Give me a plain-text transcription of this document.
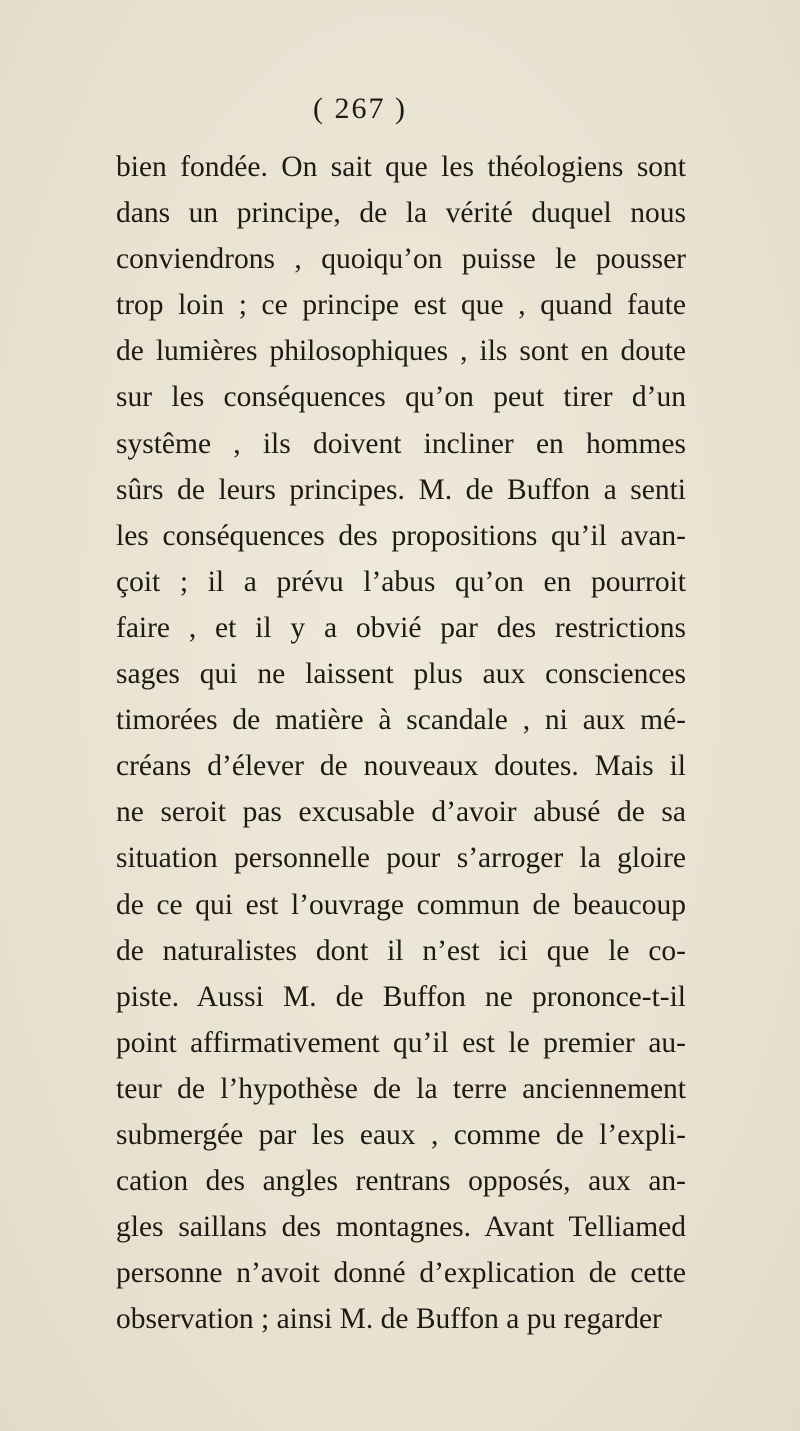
( 267 )
bien fondée. On sait que les théologiens sont
dans un principe, de la vérité duquel nous
conviendrons , quoiqu’on puisse le pousser
trop loin ; ce principe est que , quand faute
de lumières philosophiques , ils sont en doute
sur les conséquences qu’on peut tirer d’un
systême , ils doivent incliner en hommes
sûrs de leurs principes. M. de Buffon a senti
les conséquences des propositions qu’il avan-
çoit ; il a prévu l’abus qu’on en pourroit
faire , et il y a obvié par des restrictions
sages qui ne laissent plus aux consciences
timorées de matière à scandale , ni aux mé-
créans d’élever de nouveaux doutes. Mais il
ne seroit pas excusable d’avoir abusé de sa
situation personnelle pour s’arroger la gloire
de ce qui est l’ouvrage commun de beaucoup
de naturalistes dont il n’est ici que le co-
piste. Aussi M. de Buffon ne prononce-t-il
point affirmativement qu’il est le premier au-
teur de l’hypothèse de la terre anciennement
submergée par les eaux , comme de l’expli-
cation des angles rentrans opposés, aux an-
gles saillans des montagnes. Avant Telliamed
personne n’avoit donné d’explication de cette
observation ; ainsi M. de Buffon a pu regarder
